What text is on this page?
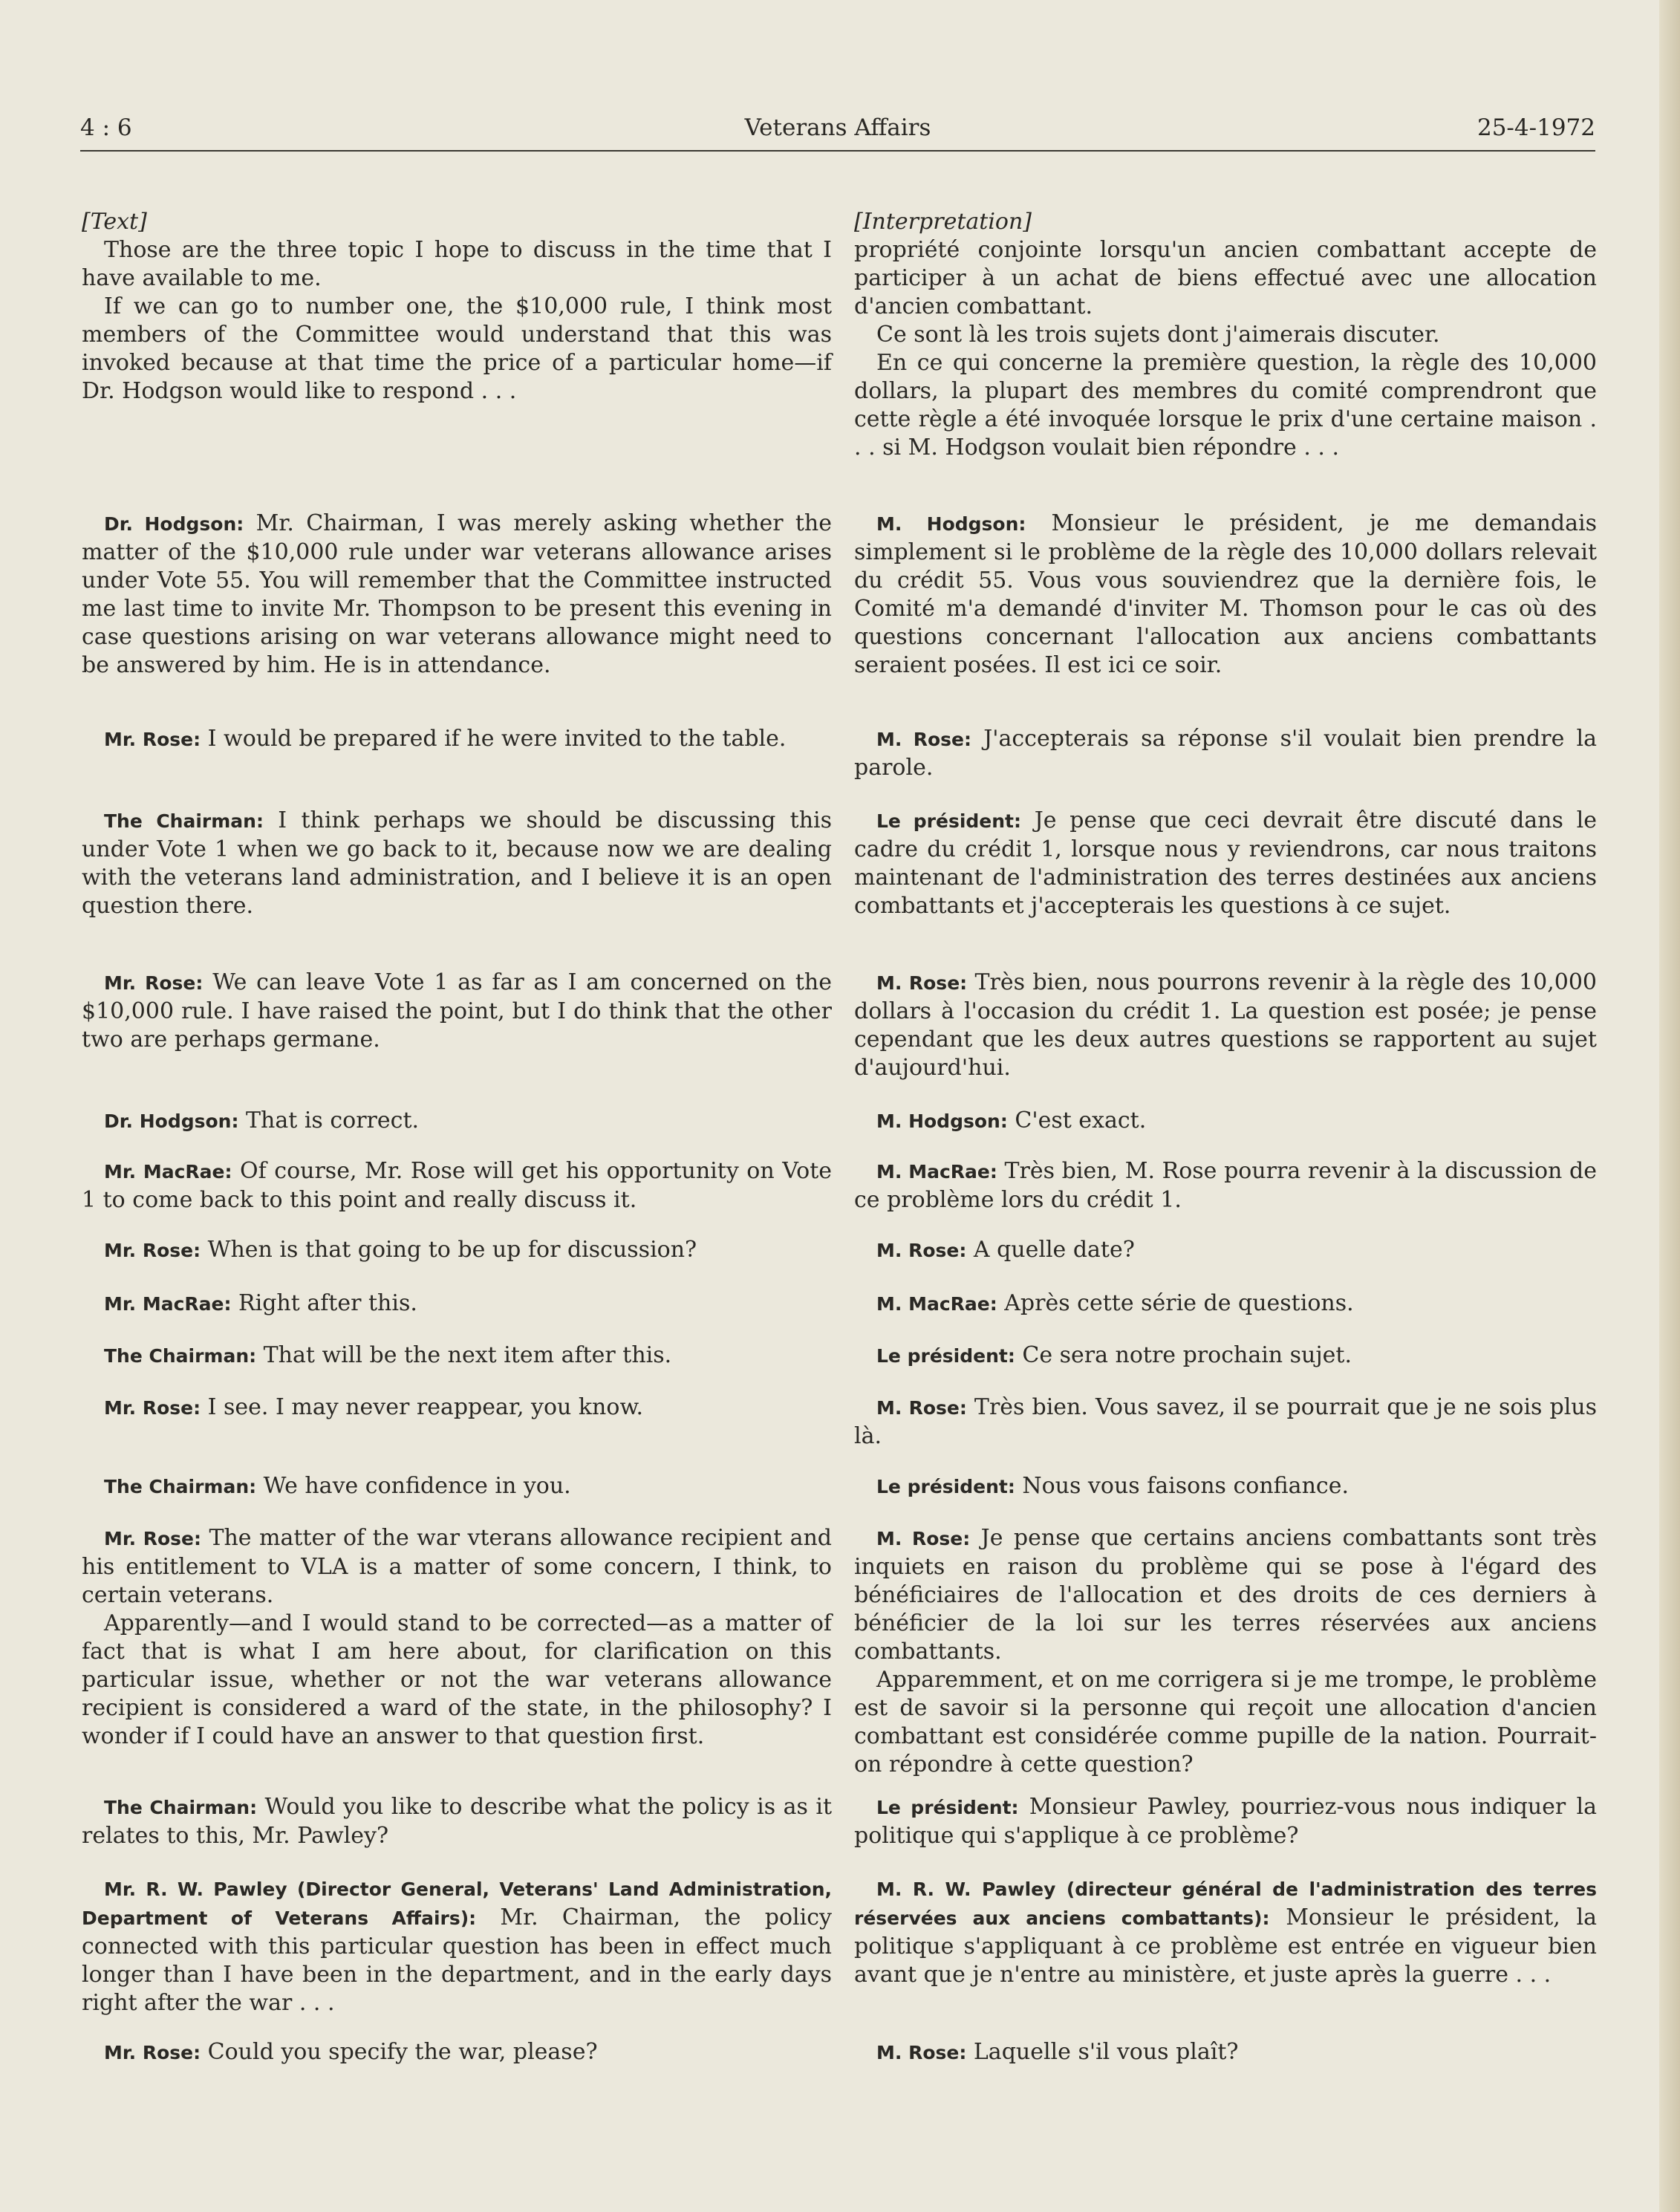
4 : 6	Veterans Affairs	25-4-1972

[Text]

Those are the three topic I hope to discuss in the time that I have available to me.

If we can go to number one, the $10,000 rule, I think most members of the Committee would understand that this was invoked because at that time the price of a particular home—if Dr. Hodgson would like to respond . . .

Dr. Hodgson: Mr. Chairman, I was merely asking whether the matter of the $10,000 rule under war veterans allowance arises under Vote 55. You will remember that the Committee instructed me last time to invite Mr. Thompson to be present this evening in case questions arising on war veterans allowance might need to be answered by him. He is in attendance.

Mr. Rose: I would be prepared if he were invited to the table.

The Chairman: I think perhaps we should be discussing this under Vote 1 when we go back to it, because now we are dealing with the veterans land administration, and I believe it is an open question there.

Mr. Rose: We can leave Vote 1 as far as I am concerned on the $10,000 rule. I have raised the point, but I do think that the other two are perhaps germane.

Dr. Hodgson: That is correct.

Mr. MacRae: Of course, Mr. Rose will get his opportunity on Vote 1 to come back to this point and really discuss it.

Mr. Rose: When is that going to be up for discussion?

Mr. MacRae: Right after this.

The Chairman: That will be the next item after this.

Mr. Rose: I see. I may never reappear, you know.

The Chairman: We have confidence in you.

Mr. Rose: The matter of the war vterans allowance recipient and his entitlement to VLA is a matter of some concern, I think, to certain veterans.

Apparently—and I would stand to be corrected—as a matter of fact that is what I am here about, for clarification on this particular issue, whether or not the war veterans allowance recipient is considered a ward of the state, in the philosophy? I wonder if I could have an answer to that question first.

The Chairman: Would you like to describe what the policy is as it relates to this, Mr. Pawley?

Mr. R. W. Pawley (Director General, Veterans' Land Administration, Department of Veterans Affairs): Mr. Chairman, the policy connected with this particular question has been in effect much longer than I have been in the department, and in the early days right after the war . . .

Mr. Rose: Could you specify the war, please?

[Interpretation]

propriété conjointe lorsqu'un ancien combattant accepte de participer à un achat de biens effectué avec une allocation d'ancien combattant.

Ce sont là les trois sujets dont j'aimerais discuter.

En ce qui concerne la première question, la règle des 10,000 dollars, la plupart des membres du comité comprendront que cette règle a été invoquée lorsque le prix d'une certaine maison . . . si M. Hodgson voulait bien répondre . . .

M. Hodgson: Monsieur le président, je me demandais simplement si le problème de la règle des 10,000 dollars relevait du crédit 55. Vous vous souviendrez que la dernière fois, le Comité m'a demandé d'inviter M. Thomson pour le cas où des questions concernant l'allocation aux anciens combattants seraient posées. Il est ici ce soir.

M. Rose: J'accepterais sa réponse s'il voulait bien prendre la parole.

Le président: Je pense que ceci devrait être discuté dans le cadre du crédit 1, lorsque nous y reviendrons, car nous traitons maintenant de l'administration des terres destinées aux anciens combattants et j'accepterais les questions à ce sujet.

M. Rose: Très bien, nous pourrons revenir à la règle des 10,000 dollars à l'occasion du crédit 1. La question est posée; je pense cependant que les deux autres questions se rapportent au sujet d'aujourd'hui.

M. Hodgson: C'est exact.

M. MacRae: Très bien, M. Rose pourra revenir à la discussion de ce problème lors du crédit 1.

M. Rose: A quelle date?

M. MacRae: Après cette série de questions.

Le président: Ce sera notre prochain sujet.

M. Rose: Très bien. Vous savez, il se pourrait que je ne sois plus là.

Le président: Nous vous faisons confiance.

M. Rose: Je pense que certains anciens combattants sont très inquiets en raison du problème qui se pose à l'égard des bénéficiaires de l'allocation et des droits de ces derniers à bénéficier de la loi sur les terres réservées aux anciens combattants.

Apparemment, et on me corrigera si je me trompe, le problème est de savoir si la personne qui reçoit une allocation d'ancien combattant est considérée comme pupille de la nation. Pourrait-on répondre à cette question?

Le président: Monsieur Pawley, pourriez-vous nous indiquer la politique qui s'applique à ce problème?

M. R. W. Pawley (directeur général de l'administration des terres réservées aux anciens combattants): Monsieur le président, la politique s'appliquant à ce problème est entrée en vigueur bien avant que je n'entre au ministère, et juste après la guerre . . .

M. Rose: Laquelle s'il vous plaît?
